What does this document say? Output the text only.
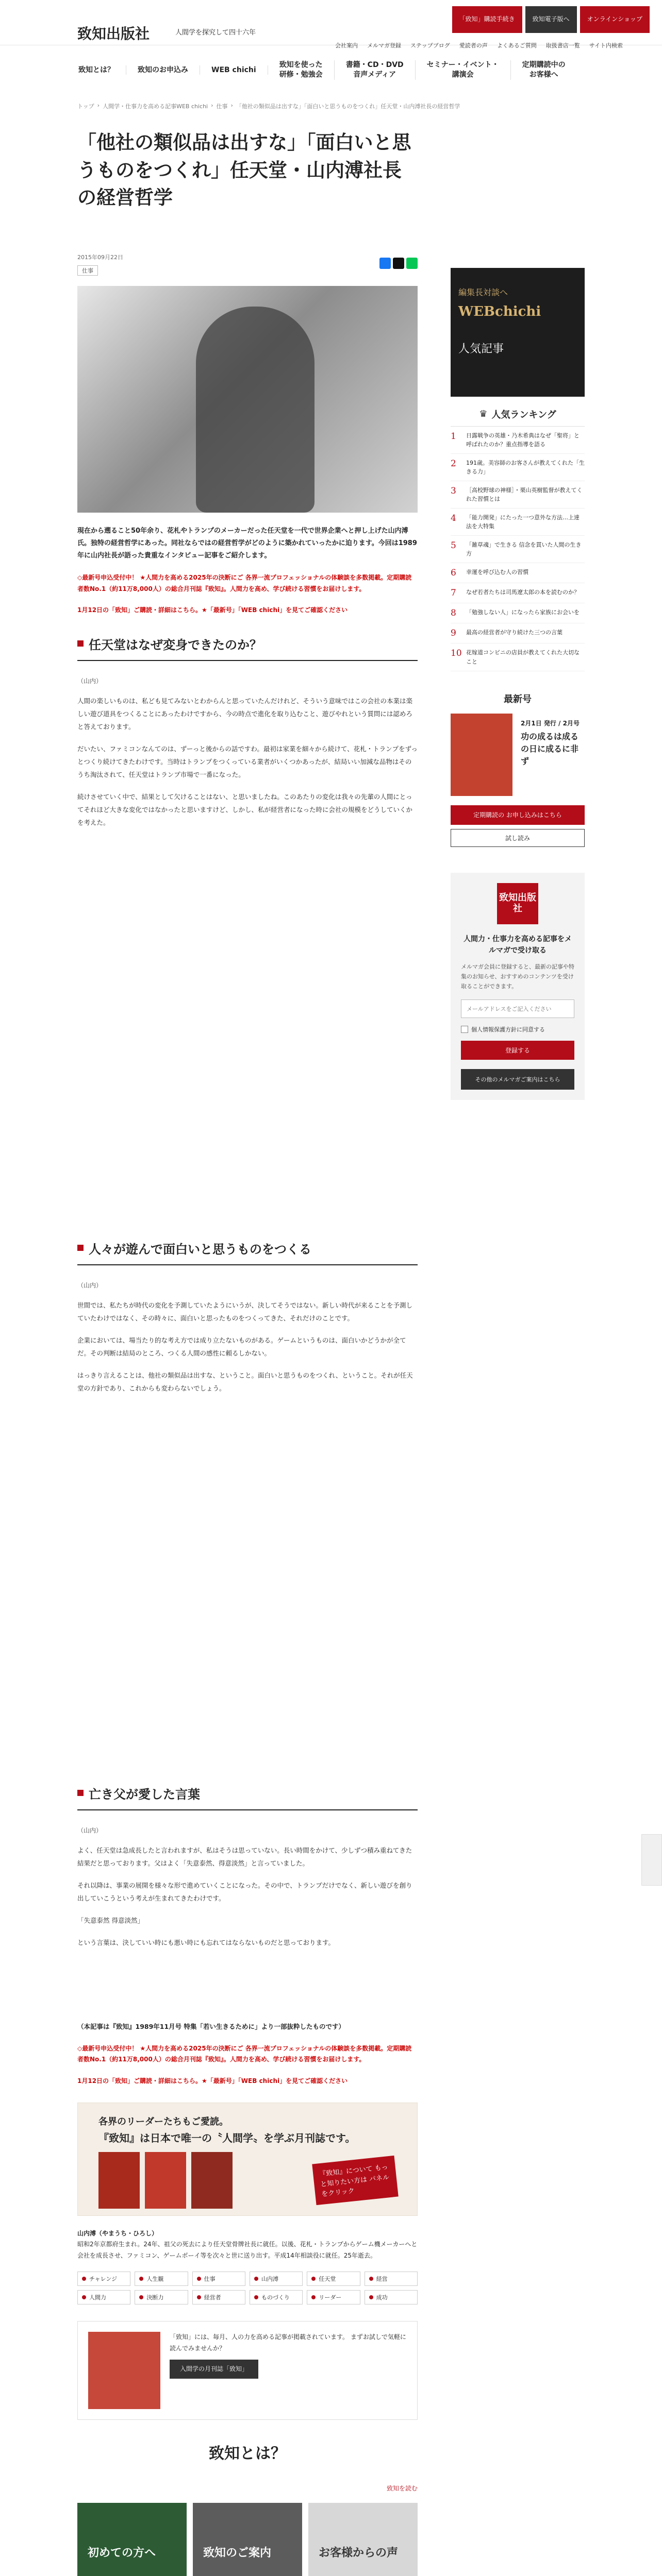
致知出版社	人間学を探究して四十六年
会社案内 メルマガ登録 ステップブログ 愛読者の声 よくあるご質問 取扱書店一覧 サイト内検索
「致知」購読 手続き	致知電子版へ	オンライン ショップ
致知とは？	致知のお申込み	WEB chichi
致知を使った
研修・勉強会
書籍・CD・DVD
音声メディア
セミナー・イベント・
講演会
定期購読中の
お客様へ
トップ › 人間学・仕事力を高める記事WEB chichi › 仕事 › 「他社の類似品は出すな」「面白いと思うものをつくれ」任天堂・山内溥社長の経営哲学
「他社の類似品は出すな」「面白いと思うものをつくれ」任天堂・山内溥社長の経営哲学
2015年09月22日
仕事
現在から遡ること50年余り、花札やトランプのメーカーだった任天堂を一代で世界企業へと押し上げた山内溥氏。独特の経営哲学にあった。同社ならではの経営哲学がどのように築かれていったかに迫ります。今回は1989年に山内社長が語った貴重なインタビュー記事をご紹介します。
◇最新号申込受付中！ ★人間力を高める2025年の決断にご 各界一流プロフェッショナルの体験談を多数掲載。定期購読者数No.1（約11万8,000人）の総合月刊誌『致知』。人間力を高め、学び続ける習慣をお届けします。
1月12日の「致知」ご購読・詳細はこちら。★「最新号」「WEB chichi」を見てご確認ください
任天堂はなぜ変身できたのか？
（山内）

人間の楽しいものは、私ども見てみないとわからんと思っていたんだけれど、そういう意味ではこの会社の本業は楽しい遊び道具をつくることにあったわけですから、今の時点で進化を取り込むこと、遊びやれという質問には認めろと答えております。

だいたい、ファミコンなんてのは、ずーっと後からの話ですわ。最初は家業を細々から続けて、花札・トランプをずっとつくり続けてきたわけです。当時はトランプをつくっている業者がいくつかあったが、結局いい加減な品物はそのうち淘汰されて、任天堂はトランプ市場で一番になった。

続けさせていく中で、結果として欠けることはない、と思いましたね。このあたりの変化は我々の先輩の人間にとってそれほど大きな変化ではなかったと思いますけど、しかし、私が経営者になった時に会社の規模をどうしていくかを考えた。

人々が遊んで面白いと思うものをつくる
（山内）

世間では、私たちが時代の変化を予測していたようにいうが、決してそうではない。新しい時代が来ることを予測していたわけではなく、その時々に、面白いと思ったものをつくってきた、それだけのことです。

企業においては、場当たり的な考え方では成り立たないものがある。ゲームというものは、面白いかどうかが全てだ。その判断は結局のところ、つくる人間の感性に頼るしかない。

はっきり言えることは、他社の類似品は出すな、ということ。面白いと思うものをつくれ、ということ。それが任天堂の方針であり、これからも変わらないでしょう。

亡き父が愛した言葉
（山内）

よく、任天堂は急成長したと言われますが、私はそうは思っていない。長い時間をかけて、少しずつ積み重ねてきた結果だと思っております。父はよく「失意泰然、得意淡然」と言っていました。

それ以降は、事業の展開を様々な形で進めていくことになった。その中で、トランプだけでなく、新しい遊びを創り出していこうという考えが生まれてきたわけです。

「失意泰然 得意淡然」

という言葉は、決していい時にも悪い時にも忘れてはならないものだと思っております。

（本記事は『致知』1989年11月号 特集「若い生きるために」より一部抜粋したものです）

◇最新号申込受付中！ ★人間力を高める2025年の決断にご 各界一流プロフェッショナルの体験談を多数掲載。定期購読者数No.1（約11万8,000人）の総合月刊誌『致知』。人間力を高め、学び続ける習慣をお届けします。
1月12日の「致知」ご購読・詳細はこちら。★「最新号」「WEB chichi」を見てご確認ください
各界のリーダーたちもご愛読。
『致知』は日本で唯一の〝人間学〟を学ぶ月刊誌です。
『致知』について もっと知りたい方は パネルをクリック
山内溥（やまうち・ひろし）
昭和2年京都府生まれ。24年、祖父の死去により任天堂骨牌社長に就任。以後、花札・トランプからゲーム機メーカーへと会社を成長させ、ファミコン、ゲームボーイ等を次々と世に送り出す。平成14年相談役に就任。25年逝去。
チャレンジ	人生観	仕事	山内溥	任天堂	経営
人間力	決断力	経営者	ものづくり	リーダー	成功
「致知」には、毎月、人の力を高める記事が掲載されています。 まずお試しで気軽に読んでみませんか？
入間学の月刊誌「致知」
致知とは？
致知を読む
初めての方へ	致知のご案内	お客様からの声
編集長対談へ
WEBchichi
人気記事
♛ 人気ランキング
1	日露戦争の英雄・乃木希典はなぜ「聖将」と呼ばれたのか？重点指導を語る
2	191歳。美容師のお客さんが教えてくれた「生きる力」
3	［高校野球の神様］・栗山英樹監督が教えてくれた習慣とは
4	「能力開発」にたった一つ意外な方法…上達法を大特集
5	「雑草魂」で生きる 信念を貫いた人間の生き方
6	幸運を呼び込む人の習慣
7	なぜ若者たちは司馬遼太郎の本を読むのか？
8	「勉強しない人」になったら家族にお会いを
9	最高の経営者が守り続けた三つの言葉
10 花嫁道コンビニの店員が教えてくれた大切なこと
最新号
2月1日 発行 / 2月号
功の成るは成るの日に成るに非ず
定期購読の お申し込みはこちら
試し読み
致知出版社
人間力・仕事力を高める記事をメルマガで受け取る
メルマガ会員に登録すると、最新の記事や特集のお知らせ、おすすめのコンテンツを受け取ることができます。
メールアドレスをご記入ください
個人情報保護方針に同意する
登録する
その他のメルマガご案内はこちら
